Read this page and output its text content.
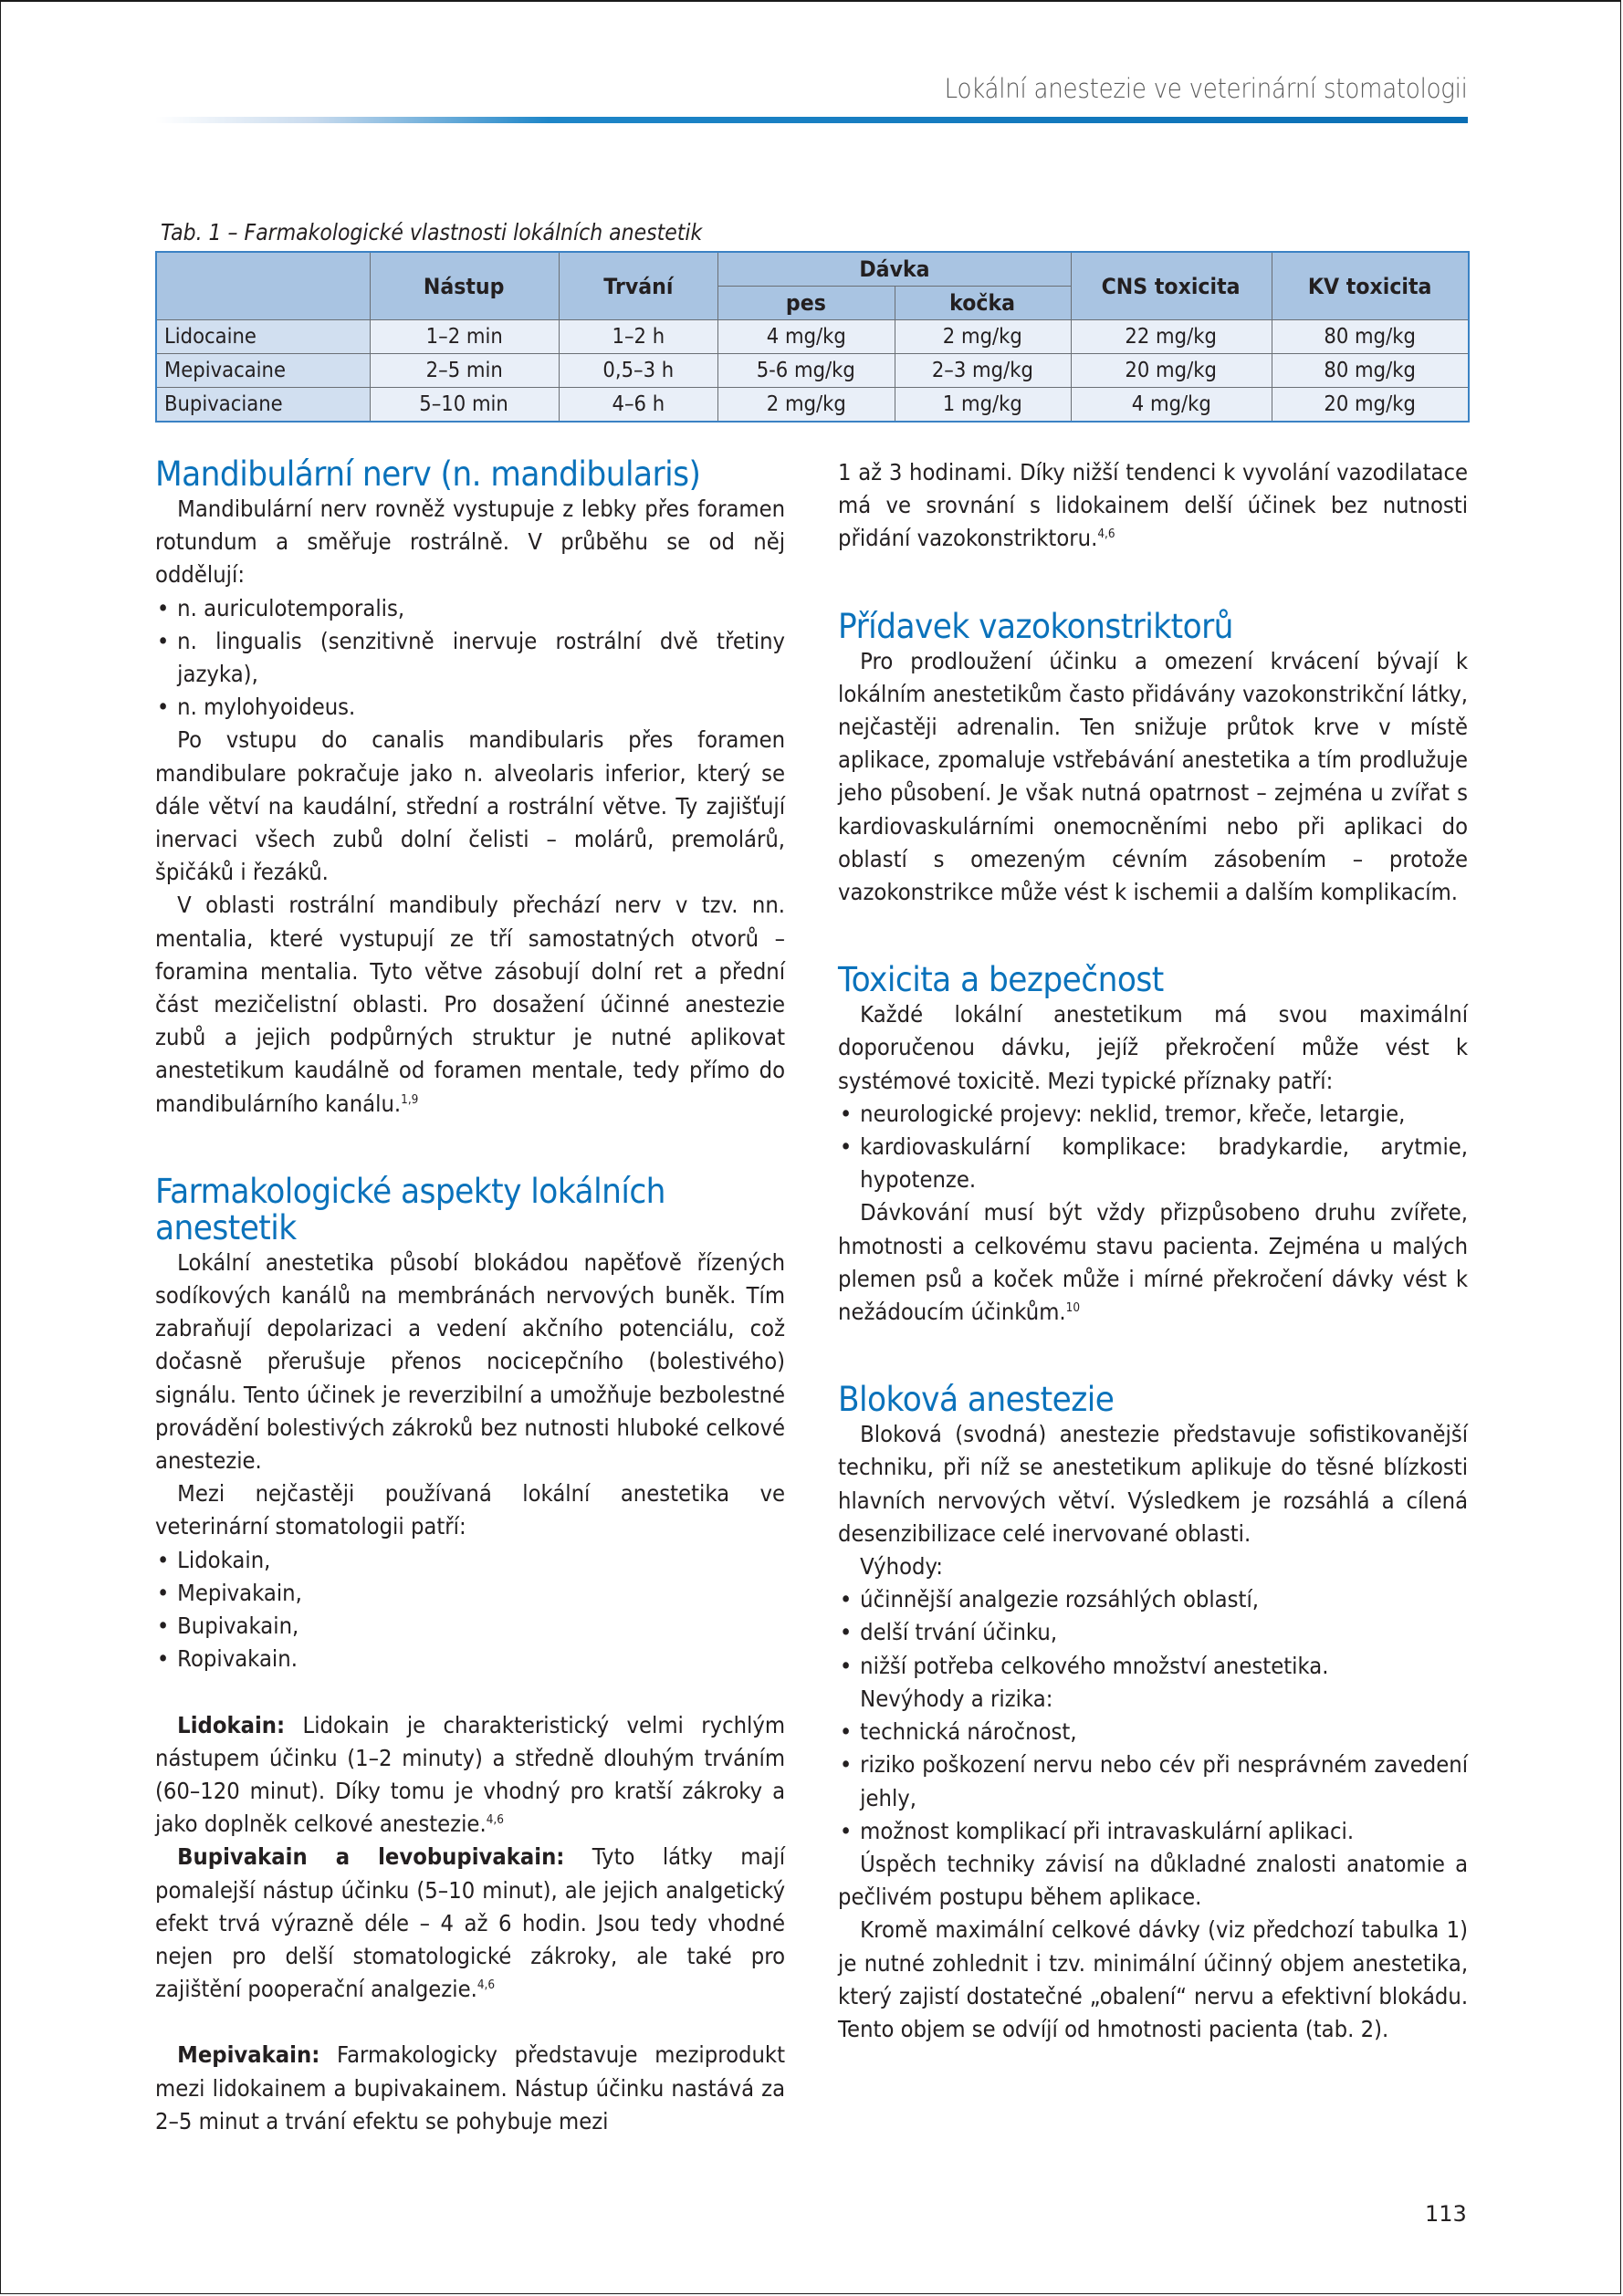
Lokální anestezie ve veterinární stomatologii
Tab. 1 – Farmakologické vlastnosti lokálních anestetik
	Nástup	Trvání	Dávka		CNS toxicita	KV toxicita
			pes	kočka		
Lidocaine	1–2 min	1–2 h	4 mg/kg	2 mg/kg	22 mg/kg	80 mg/kg
Mepivacaine	2–5 min	0,5–3 h	5-6 mg/kg	2–3 mg/kg	20 mg/kg	80 mg/kg
Bupivaciane	5–10 min	4–6 h	2 mg/kg	1 mg/kg	4 mg/kg	20 mg/kg
Mandibulární nerv (n. mandibularis)

Mandibulární nerv rovněž vystupuje z lebky přes foramen rotundum a směřuje rostrálně. V průběhu se od něj oddělují:

• n. auriculotemporalis,
• n. lingualis (senzitivně inervuje rostrální dvě třetiny jazyka),
• n. mylohyoideus.

Po vstupu do canalis mandibularis přes foramen mandibulare pokračuje jako n. alveolaris inferior, který se dále větví na kaudální, střední a rostrální větve. Ty zajišťují inervaci všech zubů dolní čelisti – molárů, premolárů, špičáků i řezáků.

V oblasti rostrální mandibuly přechází nerv v tzv. nn. mentalia, které vystupují ze tří samostatných otvorů – foramina mentalia. Tyto větve zásobují dolní ret a přední část mezičelistní oblasti. Pro dosažení účinné anestezie zubů a jejich podpůrných struktur je nutné aplikovat anestetikum kaudálně od foramen mentale, tedy přímo do mandibulárního kanálu.$^{1,9}$

Farmakologické aspekty lokálních anestetik

Lokální anestetika působí blokádou napěťově řízených sodíkových kanálů na membránách nervových buněk. Tím zabraňují depolarizaci a vedení akčního potenciálu, což dočasně přerušuje přenos nocicepčního (bolestivého) signálu. Tento účinek je reverzibilní a umožňuje bezbolestné provádění bolestivých zákroků bez nutnosti hluboké celkové anestezie.

Mezi nejčastěji používaná lokální anestetika ve veterinární stomatologii patří:

• Lidokain,
• Mepivakain,
• Bupivakain,
• Ropivakain.

Lidokain: Lidokain je charakteristický velmi rychlým nástupem účinku (1–2 minuty) a středně dlouhým trváním (60–120 minut). Díky tomu je vhodný pro kratší zákroky a jako doplněk celkové anestezie.$^{4,6}$

Bupivakain a levobupivakain: Tyto látky mají pomalejší nástup účinku (5–10 minut), ale jejich analgetický efekt trvá výrazně déle – 4 až 6 hodin. Jsou tedy vhodné nejen pro delší stomatologické zákroky, ale také pro zajištění pooperační analgezie.$^{4,6}$

Mepivakain: Farmakologicky představuje meziprodukt mezi lidokainem a bupivakainem. Nástup účinku nastává za 2–5 minut a trvání efektu se pohybuje mezi

1 až 3 hodinami. Díky nižší tendenci k vyvolání vazodilatace má ve srovnání s lidokainem delší účinek bez nutnosti přidání vazokonstriktoru.$^{4,6}$

Přídavek vazokonstriktorů

Pro prodloužení účinku a omezení krvácení bývají k lokálním anestetikům často přidávány vazokonstrikční látky, nejčastěji adrenalin. Ten snižuje průtok krve v místě aplikace, zpomaluje vstřebávání anestetika a tím prodlužuje jeho působení. Je však nutná opatrnost – zejména u zvířat s kardiovaskulárními onemocněními nebo při aplikaci do oblastí s omezeným cévním zásobením – protože vazokonstrikce může vést k ischemii a dalším komplikacím.

Toxicita a bezpečnost

Každé lokální anestetikum má svou maximální doporučenou dávku, jejíž překročení může vést k systémové toxicitě. Mezi typické příznaky patří:

• neurologické projevy: neklid, tremor, křeče, letargie,
• kardiovaskulární komplikace: bradykardie, arytmie, hypotenze.

Dávkování musí být vždy přizpůsobeno druhu zvířete, hmotnosti a celkovému stavu pacienta. Zejména u malých plemen psů a koček může i mírné překročení dávky vést k nežádoucím účinkům.$^{10}$

Bloková anestezie

Bloková (svodná) anestezie představuje sofistikovanější techniku, při níž se anestetikum aplikuje do těsné blízkosti hlavních nervových větví. Výsledkem je rozsáhlá a cílená desenzibilizace celé inervované oblasti.

Výhody:

• účinnější analgezie rozsáhlých oblastí,
• delší trvání účinku,
• nižší potřeba celkového množství anestetika.

Nevýhody a rizika:

• technická náročnost,
• riziko poškození nervu nebo cév při nesprávném zavedení jehly,
• možnost komplikací při intravaskulární aplikaci.

Úspěch techniky závisí na důkladné znalosti anatomie a pečlivém postupu během aplikace.

Kromě maximální celkové dávky (viz předchozí tabulka 1) je nutné zohlednit i tzv. minimální účinný objem anestetika, který zajistí dostatečné „obalení“ nervu a efektivní blokádu. Tento objem se odvíjí od hmotnosti pacienta (tab. 2).

113
